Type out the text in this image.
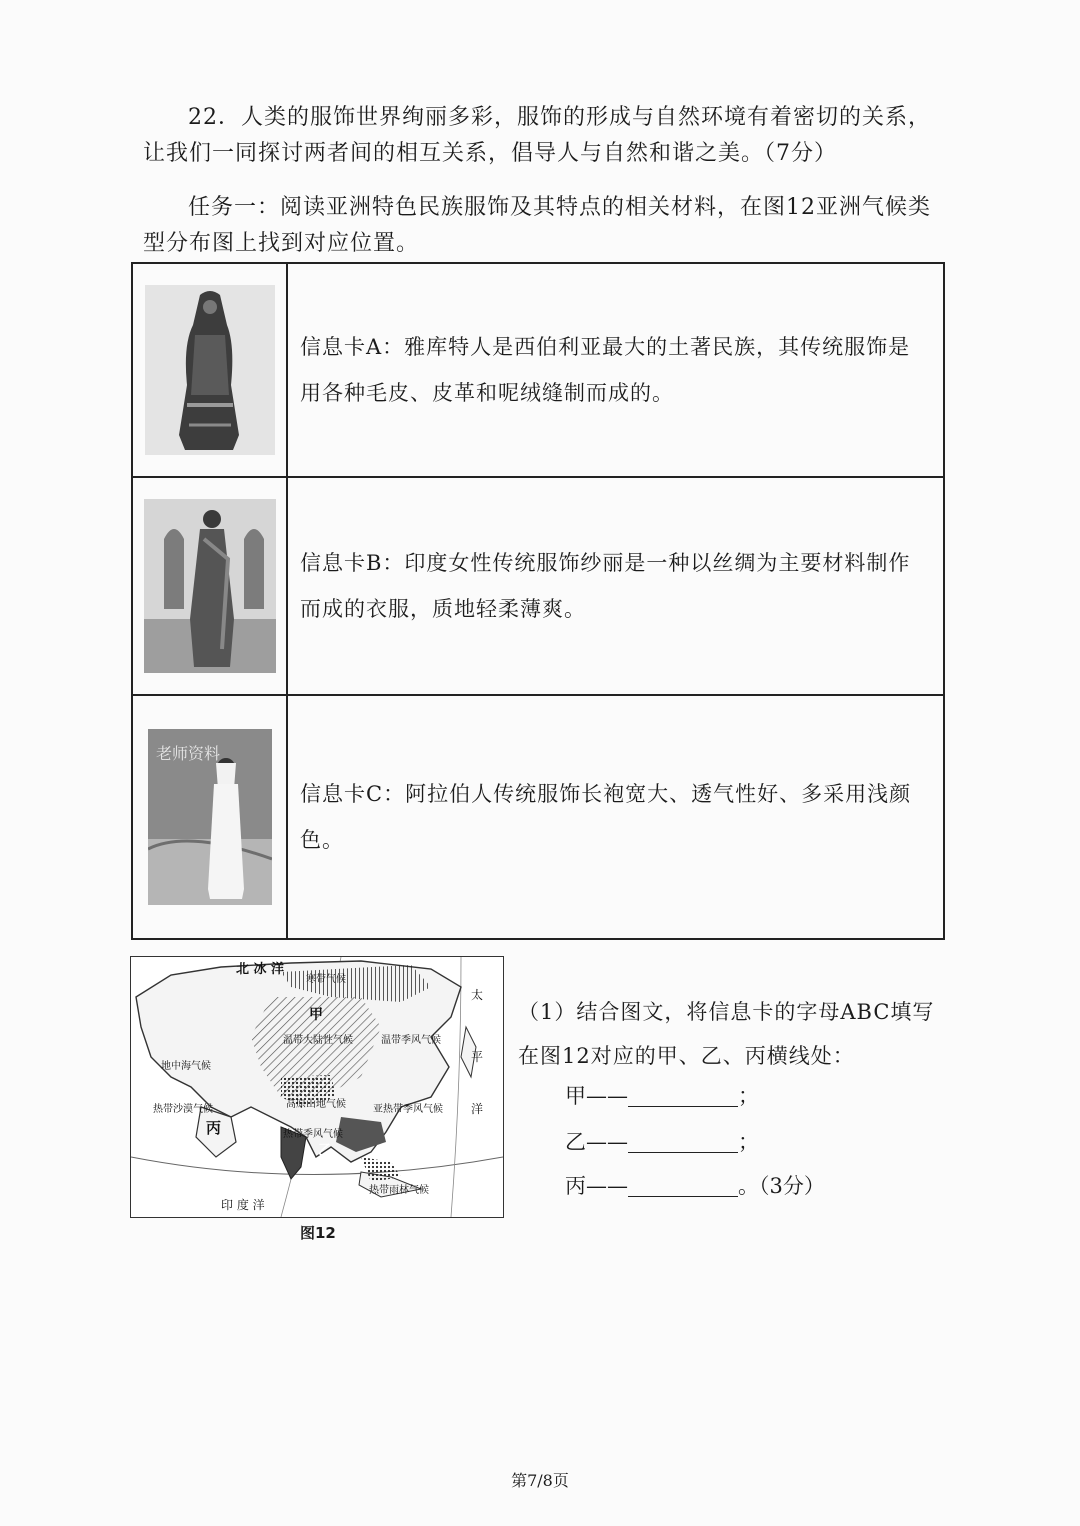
22．人类的服饰世界绚丽多彩，服饰的形成与自然环境有着密切的关系，让我们一同探讨两者间的相互关系，倡导人与自然和谐之美。（7分）

任务一：阅读亚洲特色民族服饰及其特点的相关材料，在图12亚洲气候类型分布图上找到对应位置。

	信息卡A：雅库特人是西伯利亚最大的土著民族，其传统服饰是用各种毛皮、皮革和呢绒缝制而成的。

	信息卡B：印度女性传统服饰纱丽是一种以丝绸为主要材料制作而成的衣服，质地轻柔薄爽。

老师资料	信息卡C：阿拉伯人传统服饰长袍宽大、透气性好、多采用浅颜色。
北 冰 洋
寒带气候
甲
温带大陆性气候	温带季风气候
地中海气候
热带沙漠气候
丙
高原山地气候	亚热带季风气候
热带季风气候
乙
热带雨林气候
印 度 洋
太
平
洋
图12
（1）结合图文，将信息卡的字母ABC填写在图12对应的甲、乙、丙横线处：
甲——	；
乙——	；
丙——	。（3分）
第7/8页
